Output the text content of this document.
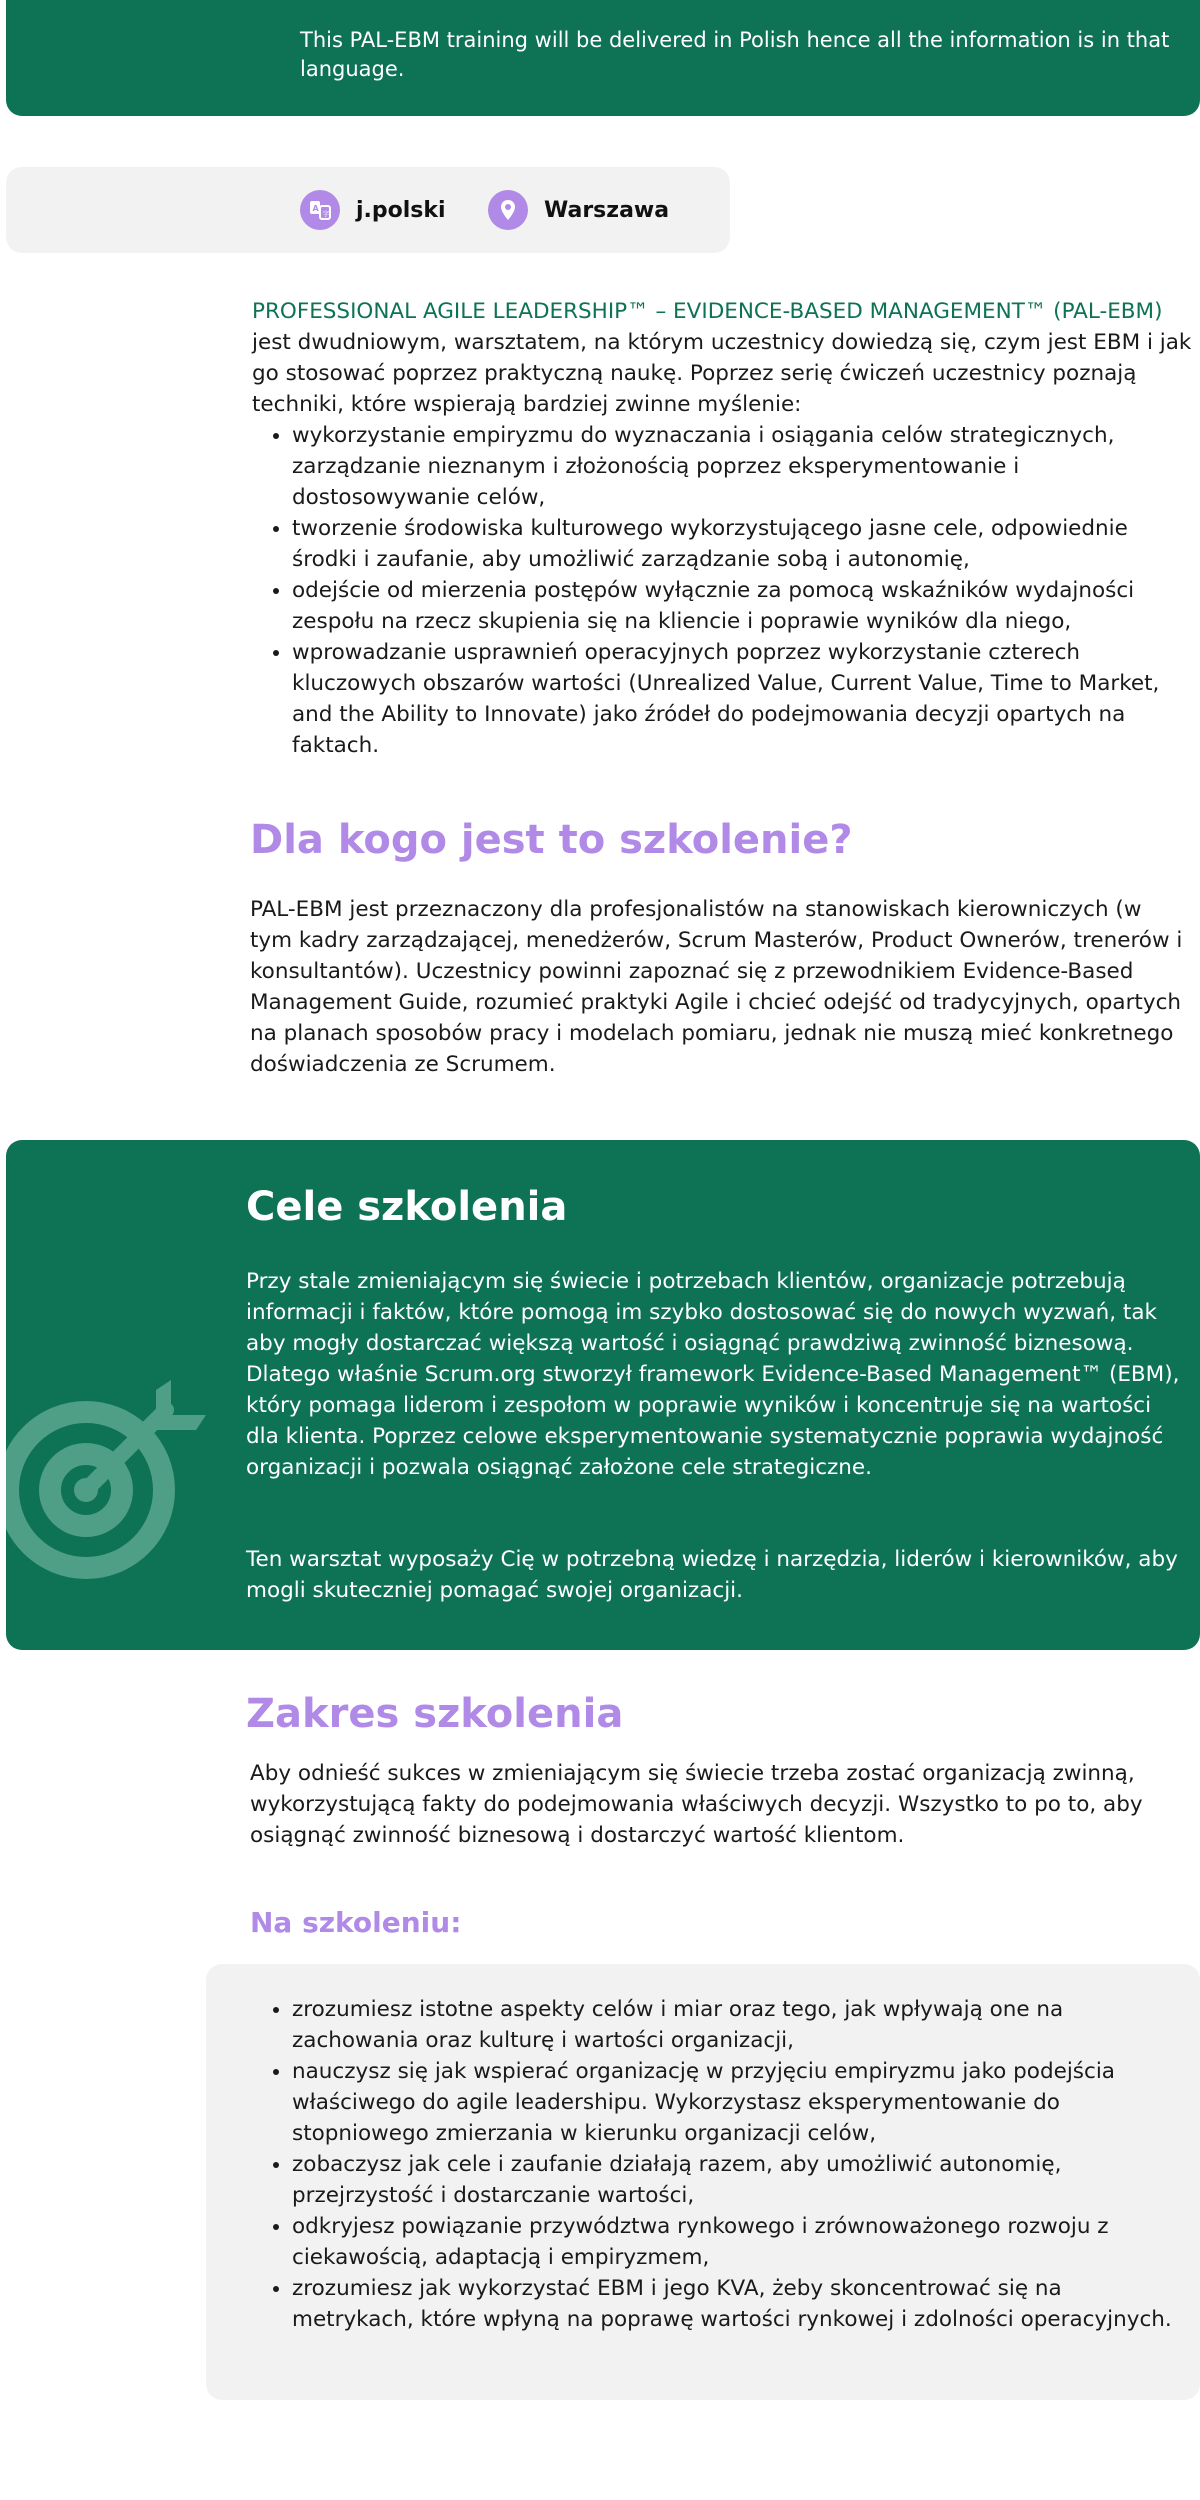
This PAL-EBM training will be delivered in Polish hence all the information is in that language.
A
字 j.polski	Warszawa
PROFESSIONAL AGILE LEADERSHIP™ – EVIDENCE-BASED MANAGEMENT™ (PAL-EBM) jest dwudniowym, warsztatem, na którym uczestnicy dowiedzą się, czym jest EBM i jak go stosować poprzez praktyczną naukę. Poprzez serię ćwiczeń uczestnicy poznają techniki, które wspierają bardziej zwinne myślenie:
• wykorzystanie empiryzmu do wyznaczania i osiągania celów strategicznych, zarządzanie nieznanym i złożonością poprzez eksperymentowanie i dostosowywanie celów,
• tworzenie środowiska kulturowego wykorzystującego jasne cele, odpowiednie środki i zaufanie, aby umożliwić zarządzanie sobą i autonomię,
• odejście od mierzenia postępów wyłącznie za pomocą wskaźników wydajności zespołu na rzecz skupienia się na kliencie i poprawie wyników dla niego,
• wprowadzanie usprawnień operacyjnych poprzez wykorzystanie czterech kluczowych obszarów wartości (Unrealized Value, Current Value, Time to Market, and the Ability to Innovate) jako źródeł do podejmowania decyzji opartych na faktach.
Dla kogo jest to szkolenie?
PAL-EBM jest przeznaczony dla profesjonalistów na stanowiskach kierowniczych (w tym kadry zarządzającej, menedżerów, Scrum Masterów, Product Ownerów, trenerów i konsultantów). Uczestnicy powinni zapoznać się z przewodnikiem Evidence-Based Management Guide, rozumieć praktyki Agile i chcieć odejść od tradycyjnych, opartych na planach sposobów pracy i modelach pomiaru, jednak nie muszą mieć konkretnego doświadczenia ze Scrumem.
Cele szkolenia

Przy stale zmieniającym się świecie i potrzebach klientów, organizacje potrzebują informacji i faktów, które pomogą im szybko dostosować się do nowych wyzwań, tak aby mogły dostarczać większą wartość i osiągnąć prawdziwą zwinność biznesową. Dlatego właśnie Scrum.org stworzył framework Evidence-Based Management™ (EBM), który pomaga liderom i zespołom w poprawie wyników i koncentruje się na wartości dla klienta. Poprzez celowe eksperymentowanie systematycznie poprawia wydajność organizacji i pozwala osiągnąć założone cele strategiczne.

Ten warsztat wyposaży Cię w potrzebną wiedzę i narzędzia, liderów i kierowników, aby mogli skuteczniej pomagać swojej organizacji.

Zakres szkolenia
Aby odnieść sukces w zmieniającym się świecie trzeba zostać organizacją zwinną, wykorzystującą fakty do podejmowania właściwych decyzji. Wszystko to po to, aby osiągnąć zwinność biznesową i dostarczyć wartość klientom.
Na szkoleniu:
• zrozumiesz istotne aspekty celów i miar oraz tego, jak wpływają one na zachowania oraz kulturę i wartości organizacji,
• nauczysz się jak wspierać organizację w przyjęciu empiryzmu jako podejścia właściwego do agile leadershipu. Wykorzystasz eksperymentowanie do stopniowego zmierzania w kierunku organizacji celów,
• zobaczysz jak cele i zaufanie działają razem, aby umożliwić autonomię, przejrzystość i dostarczanie wartości,
• odkryjesz powiązanie przywództwa rynkowego i zrównoważonego rozwoju z ciekawością, adaptacją i empiryzmem,
• zrozumiesz jak wykorzystać EBM i jego KVA, żeby skoncentrować się na metrykach, które wpłyną na poprawę wartości rynkowej i zdolności operacyjnych.
